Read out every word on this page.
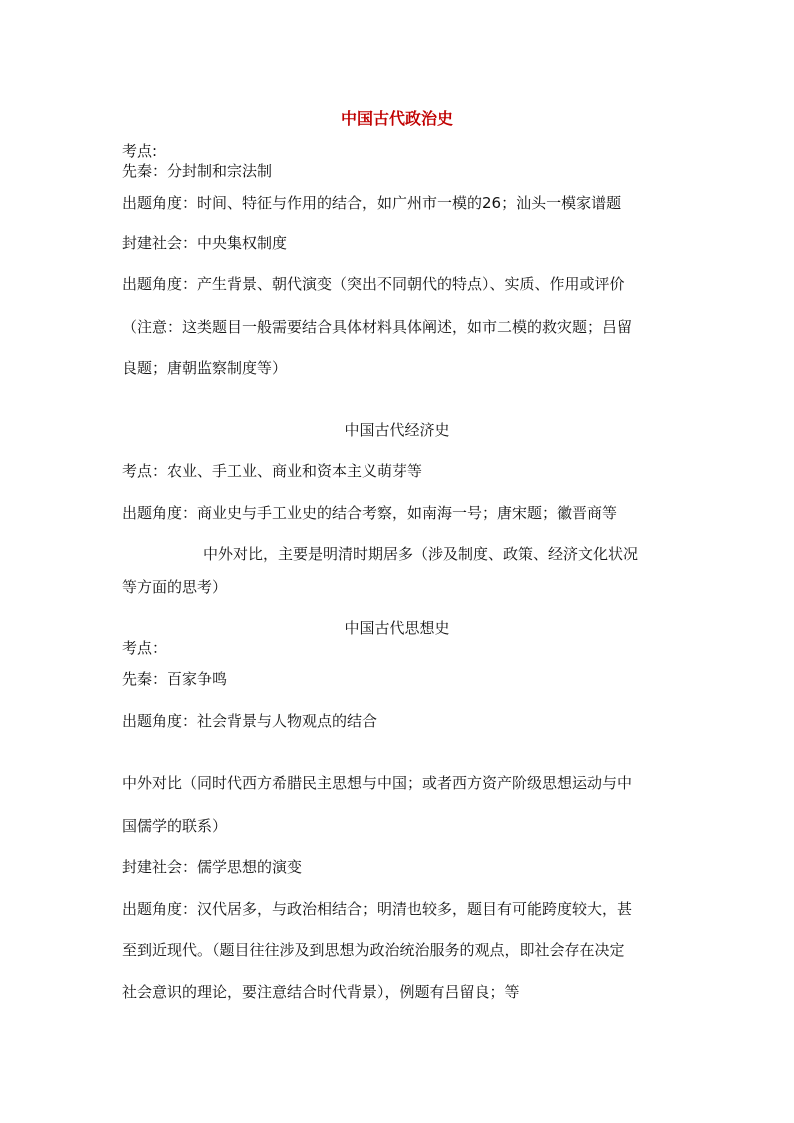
中国古代政治史
考点:
先秦：分封制和宗法制
出题角度：时间、特征与作用的结合，如广州市一模的26；汕头一模家谱题
封建社会：中央集权制度
出题角度：产生背景、朝代演变（突出不同朝代的特点）、实质、作用或评价
（注意：这类题目一般需要结合具体材料具体阐述，如市二模的救灾题；吕留
良题；唐朝监察制度等）
中国古代经济史
考点：农业、手工业、商业和资本主义萌芽等
出题角度：商业史与手工业史的结合考察，如南海一号；唐宋题；徽晋商等
中外对比，主要是明清时期居多（涉及制度、政策、经济文化状况
等方面的思考）
中国古代思想史
考点：
先秦：百家争鸣
出题角度：社会背景与人物观点的结合
中外对比（同时代西方希腊民主思想与中国；或者西方资产阶级思想运动与中
国儒学的联系）
封建社会：儒学思想的演变
出题角度：汉代居多，与政治相结合；明清也较多，题目有可能跨度较大，甚
至到近现代。（题目往往涉及到思想为政治统治服务的观点，即社会存在决定
社会意识的理论，要注意结合时代背景），例题有吕留良；等
